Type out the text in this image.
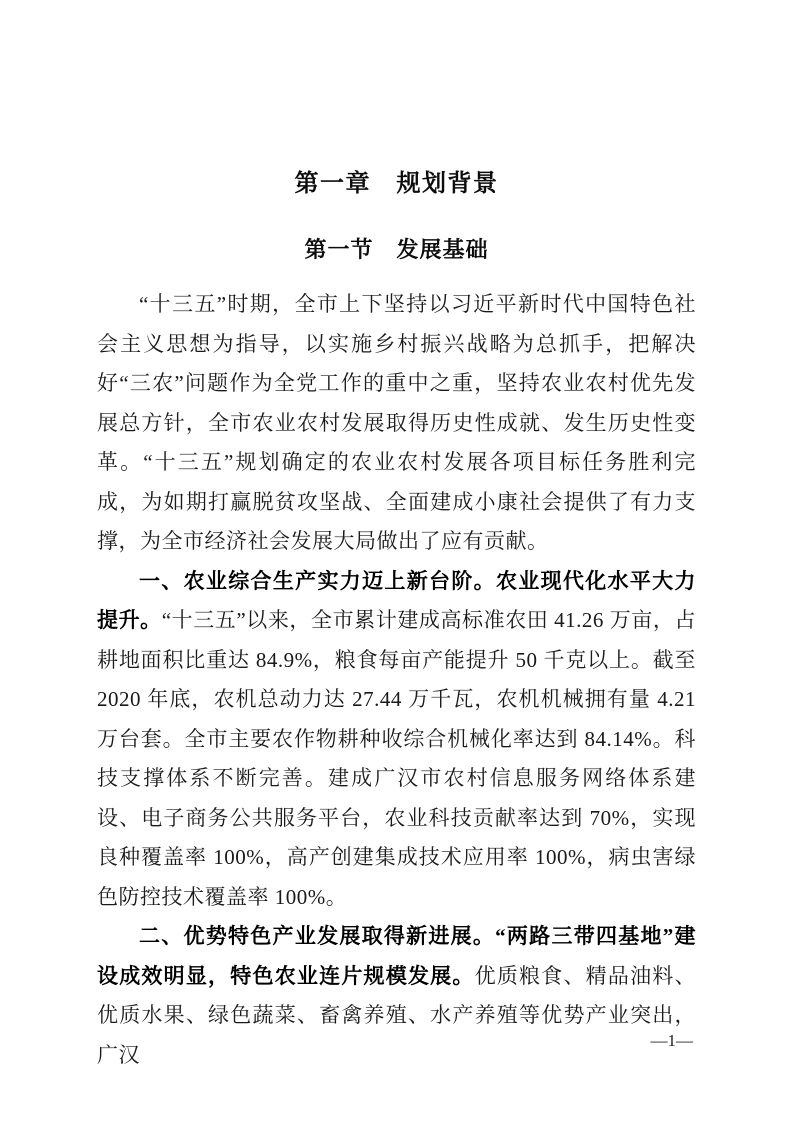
第一章　规划背景
第一节　发展基础

“十三五”时期，全市上下坚持以习近平新时代中国特色社会主义思想为指导，以实施乡村振兴战略为总抓手，把解决好“三农”问题作为全党工作的重中之重，坚持农业农村优先发展总方针，全市农业农村发展取得历史性成就、发生历史性变革。“十三五”规划确定的农业农村发展各项目标任务胜利完成，为如期打赢脱贫攻坚战、全面建成小康社会提供了有力支撑，为全市经济社会发展大局做出了应有贡献。

一、农业综合生产实力迈上新台阶。农业现代化水平大力提升。“十三五”以来，全市累计建成高标准农田 41.26 万亩，占耕地面积比重达 84.9%，粮食每亩产能提升 50 千克以上。截至 2020 年底，农机总动力达 27.44 万千瓦，农机机械拥有量 4.21 万台套。全市主要农作物耕种收综合机械化率达到 84.14%。科技支撑体系不断完善。建成广汉市农村信息服务网络体系建设、电子商务公共服务平台，农业科技贡献率达到 70%，实现良种覆盖率 100%，高产创建集成技术应用率 100%，病虫害绿色防控技术覆盖率 100%。

二、优势特色产业发展取得新进展。“两路三带四基地”建设成效明显，特色农业连片规模发展。优质粮食、精品油料、优质水果、绿色蔬菜、畜禽养殖、水产养殖等优势产业突出，广汉

—1—
